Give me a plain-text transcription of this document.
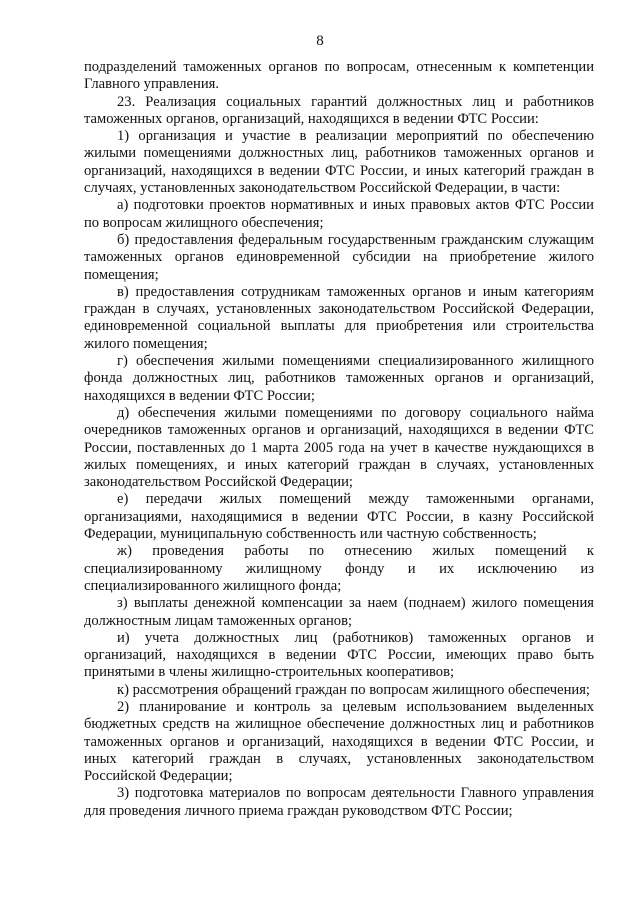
8

подразделений таможенных органов по вопросам, отнесенным к компетенции Главного управления.

23. Реализация социальных гарантий должностных лиц и работников таможенных органов, организаций, находящихся в ведении ФТС России:

1) организация и участие в реализации мероприятий по обеспечению жилыми помещениями должностных лиц, работников таможенных органов и организаций, находящихся в ведении ФТС России, и иных категорий граждан в случаях, установленных законодательством Российской Федерации, в части:

а) подготовки проектов нормативных и иных правовых актов ФТС России по вопросам жилищного обеспечения;

б) предоставления федеральным государственным гражданским служащим таможенных органов единовременной субсидии на приобретение жилого помещения;

в) предоставления сотрудникам таможенных органов и иным категориям граждан в случаях, установленных законодательством Российской Федерации, единовременной социальной выплаты для приобретения или строительства жилого помещения;

г) обеспечения жилыми помещениями специализированного жилищного фонда должностных лиц, работников таможенных органов и организаций, находящихся в ведении ФТС России;

д) обеспечения жилыми помещениями по договору социального найма очередников таможенных органов и организаций, находящихся в ведении ФТС России, поставленных до 1 марта 2005 года на учет в качестве нуждающихся в жилых помещениях, и иных категорий граждан в случаях, установленных законодательством Российской Федерации;

е) передачи жилых помещений между таможенными органами, организациями, находящимися в ведении ФТС России, в казну Российской Федерации, муниципальную собственность или частную собственность;

ж) проведения работы по отнесению жилых помещений к специализированному жилищному фонду и их исключению из специализированного жилищного фонда;

з) выплаты денежной компенсации за наем (поднаем) жилого помещения должностным лицам таможенных органов;

и) учета должностных лиц (работников) таможенных органов и организаций, находящихся в ведении ФТС России, имеющих право быть принятыми в члены жилищно-строительных кооперативов;

к) рассмотрения обращений граждан по вопросам жилищного обеспечения;

2) планирование и контроль за целевым использованием выделенных бюджетных средств на жилищное обеспечение должностных лиц и работников таможенных органов и организаций, находящихся в ведении ФТС России, и иных категорий граждан в случаях, установленных законодательством Российской Федерации;

3) подготовка материалов по вопросам деятельности Главного управления для проведения личного приема граждан руководством ФТС России;
